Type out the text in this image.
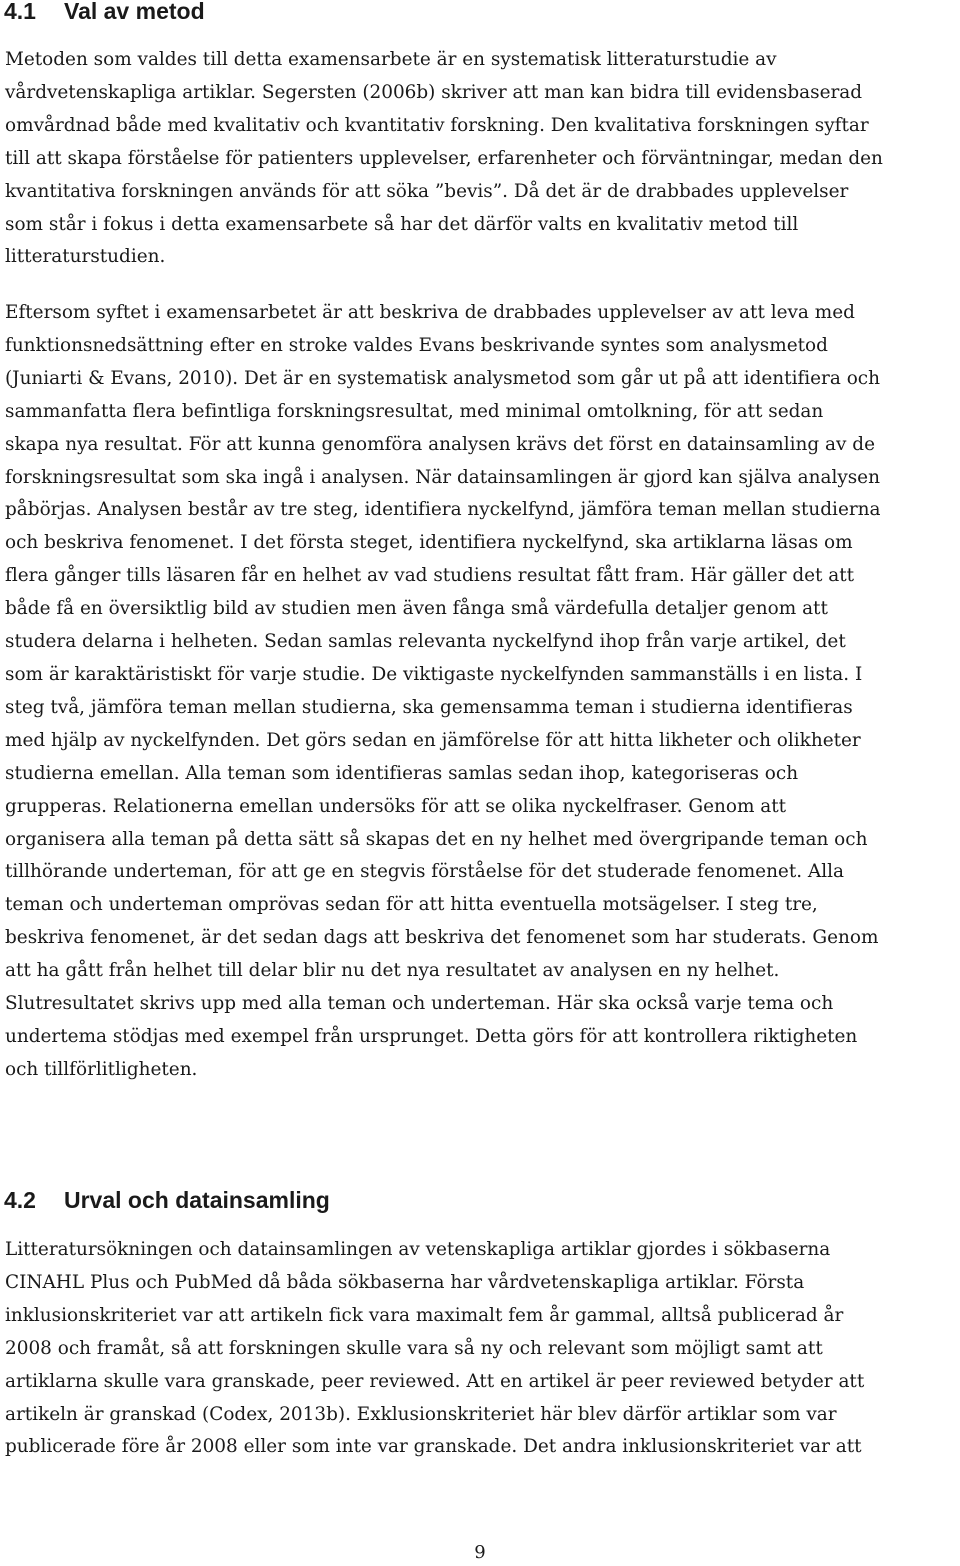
4.1 Val av metod
Metoden som valdes till detta examensarbete är en systematisk litteraturstudie av
vårdvetenskapliga artiklar. Segersten (2006b) skriver att man kan bidra till evidensbaserad
omvårdnad både med kvalitativ och kvantitativ forskning. Den kvalitativa forskningen syftar
till att skapa förståelse för patienters upplevelser, erfarenheter och förväntningar, medan den
kvantitativa forskningen används för att söka ”bevis”. Då det är de drabbades upplevelser
som står i fokus i detta examensarbete så har det därför valts en kvalitativ metod till
litteraturstudien.
Eftersom syftet i examensarbetet är att beskriva de drabbades upplevelser av att leva med
funktionsnedsättning efter en stroke valdes Evans beskrivande syntes som analysmetod
(Juniarti & Evans, 2010). Det är en systematisk analysmetod som går ut på att identifiera och
sammanfatta flera befintliga forskningsresultat, med minimal omtolkning, för att sedan
skapa nya resultat. För att kunna genomföra analysen krävs det först en datainsamling av de
forskningsresultat som ska ingå i analysen. När datainsamlingen är gjord kan själva analysen
påbörjas. Analysen består av tre steg, identifiera nyckelfynd, jämföra teman mellan studierna
och beskriva fenomenet. I det första steget, identifiera nyckelfynd, ska artiklarna läsas om
flera gånger tills läsaren får en helhet av vad studiens resultat fått fram. Här gäller det att
både få en översiktlig bild av studien men även fånga små värdefulla detaljer genom att
studera delarna i helheten. Sedan samlas relevanta nyckelfynd ihop från varje artikel, det
som är karaktäristiskt för varje studie. De viktigaste nyckelfynden sammanställs i en lista. I
steg två, jämföra teman mellan studierna, ska gemensamma teman i studierna identifieras
med hjälp av nyckelfynden. Det görs sedan en jämförelse för att hitta likheter och olikheter
studierna emellan. Alla teman som identifieras samlas sedan ihop, kategoriseras och
grupperas. Relationerna emellan undersöks för att se olika nyckelfraser. Genom att
organisera alla teman på detta sätt så skapas det en ny helhet med övergripande teman och
tillhörande underteman, för att ge en stegvis förståelse för det studerade fenomenet. Alla
teman och underteman omprövas sedan för att hitta eventuella motsägelser. I steg tre,
beskriva fenomenet, är det sedan dags att beskriva det fenomenet som har studerats. Genom
att ha gått från helhet till delar blir nu det nya resultatet av analysen en ny helhet.
Slutresultatet skrivs upp med alla teman och underteman. Här ska också varje tema och
undertema stödjas med exempel från ursprunget. Detta görs för att kontrollera riktigheten
och tillförlitligheten.
4.2 Urval och datainsamling
Litteratursökningen och datainsamlingen av vetenskapliga artiklar gjordes i sökbaserna
CINAHL Plus och PubMed då båda sökbaserna har vårdvetenskapliga artiklar. Första
inklusionskriteriet var att artikeln fick vara maximalt fem år gammal, alltså publicerad år
2008 och framåt, så att forskningen skulle vara så ny och relevant som möjligt samt att
artiklarna skulle vara granskade, peer reviewed. Att en artikel är peer reviewed betyder att
artikeln är granskad (Codex, 2013b). Exklusionskriteriet här blev därför artiklar som var
publicerade före år 2008 eller som inte var granskade. Det andra inklusionskriteriet var att
9
